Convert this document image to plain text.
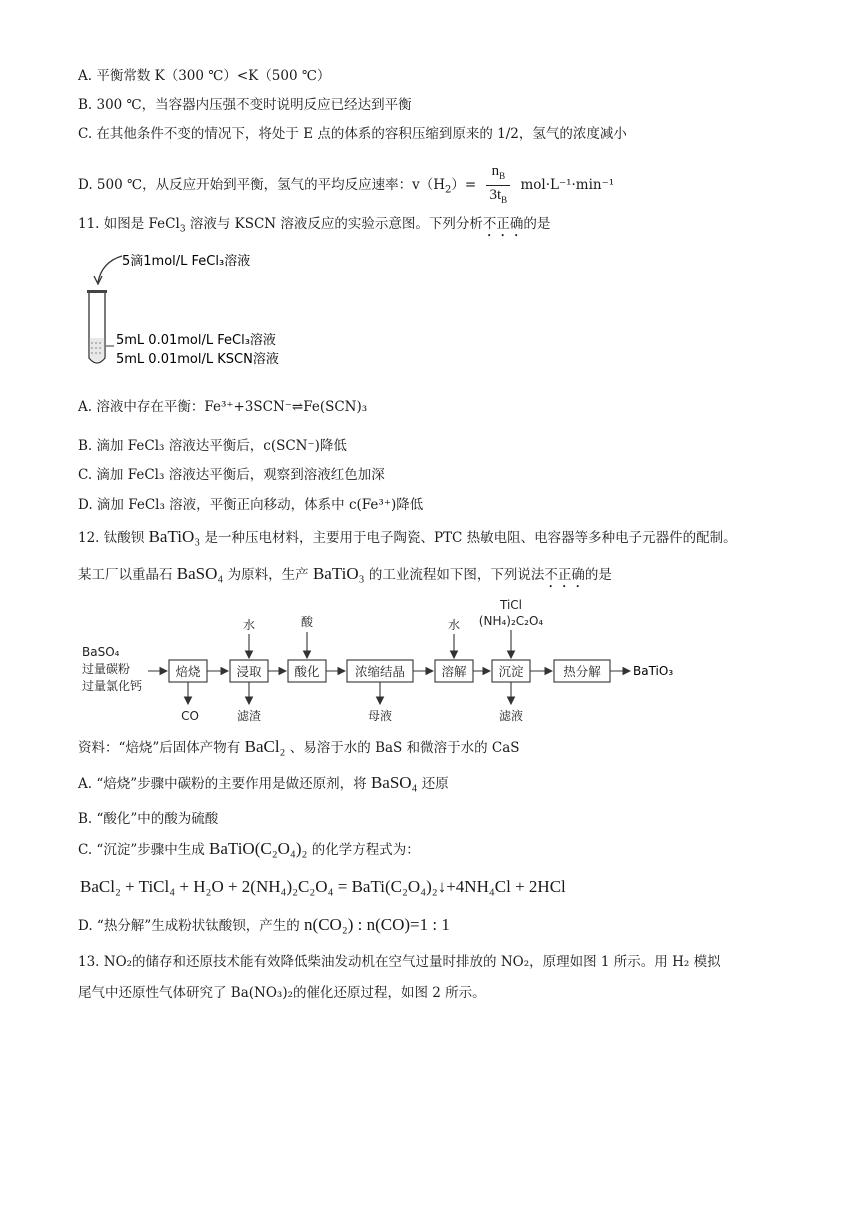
A. 平衡常数 K（300 ℃）<K（500 ℃）
B. 300 ℃，当容器内压强不变时说明反应已经达到平衡
C. 在其他条件不变的情况下，将处于 E 点的体系的容积压缩到原来的 1/2，氢气的浓度减小
D. 500 ℃，从反应开始到平衡，氢气的平均反应速率：$v(H_2)= \frac{n_B}{3t_B} mol\cdot L^{-1}\cdot\min^{-1}$
11. 如图是 FeCl$_3$ 溶液与 KSCN 溶液反应的实验示意图。下列分析不正确的是
5滴1mol/L FeCl₃溶液
5mL 0.01mol/L FeCl₃溶液
5mL 0.01mol/L KSCN溶液
A. 溶液中存在平衡：Fe³⁺+3SCN⁻⇌Fe(SCN)₃
B. 滴加 FeCl₃ 溶液达平衡后，c(SCN⁻)降低
C. 滴加 FeCl₃ 溶液达平衡后，观察到溶液红色加深
D. 滴加 FeCl₃ 溶液，平衡正向移动，体系中 c(Fe³⁺)降低
12. 钛酸钡 BaTiO₃ 是一种压电材料，主要用于电子陶瓷、PTC 热敏电阻、电容器等多种电子元器件的配制。
某工厂以重晶石 BaSO₄ 为原料，生产 BaTiO₃ 的工业流程如下图，下列说法不正确的是
BaSO₄
过量碳粉
过量氯化钙
焙烧	浸取	酸化	浓缩结晶	溶解	沉淀	热分解	BaTiO₃
水	酸	水
TiCl
(NH₄)₂C₂O₄
CO	滤渣	母液	滤液
资料：“焙烧”后固体产物有 BaCl₂ 、易溶于水的 BaS 和微溶于水的 CaS
A. “焙烧”步骤中碳粉的主要作用是做还原剂，将 BaSO₄ 还原
B. “酸化”中的酸为硫酸
C. “沉淀”步骤中生成 BaTiO(C₂O₄)₂ 的化学方程式为：
BaCl₂ + TiCl₄ + H₂O + 2(NH₄)₂C₂O₄ = BaTi(C₂O₄)₂↓+4NH₄Cl + 2HCl
D. “热分解”生成粉状钛酸钡，产生的 n(CO₂) : n(CO)=1 : 1
13. NO₂的储存和还原技术能有效降低柴油发动机在空气过量时排放的 NO₂，原理如图 1 所示。用 H₂ 模拟
尾气中还原性气体研究了 Ba(NO₃)₂的催化还原过程，如图 2 所示。
